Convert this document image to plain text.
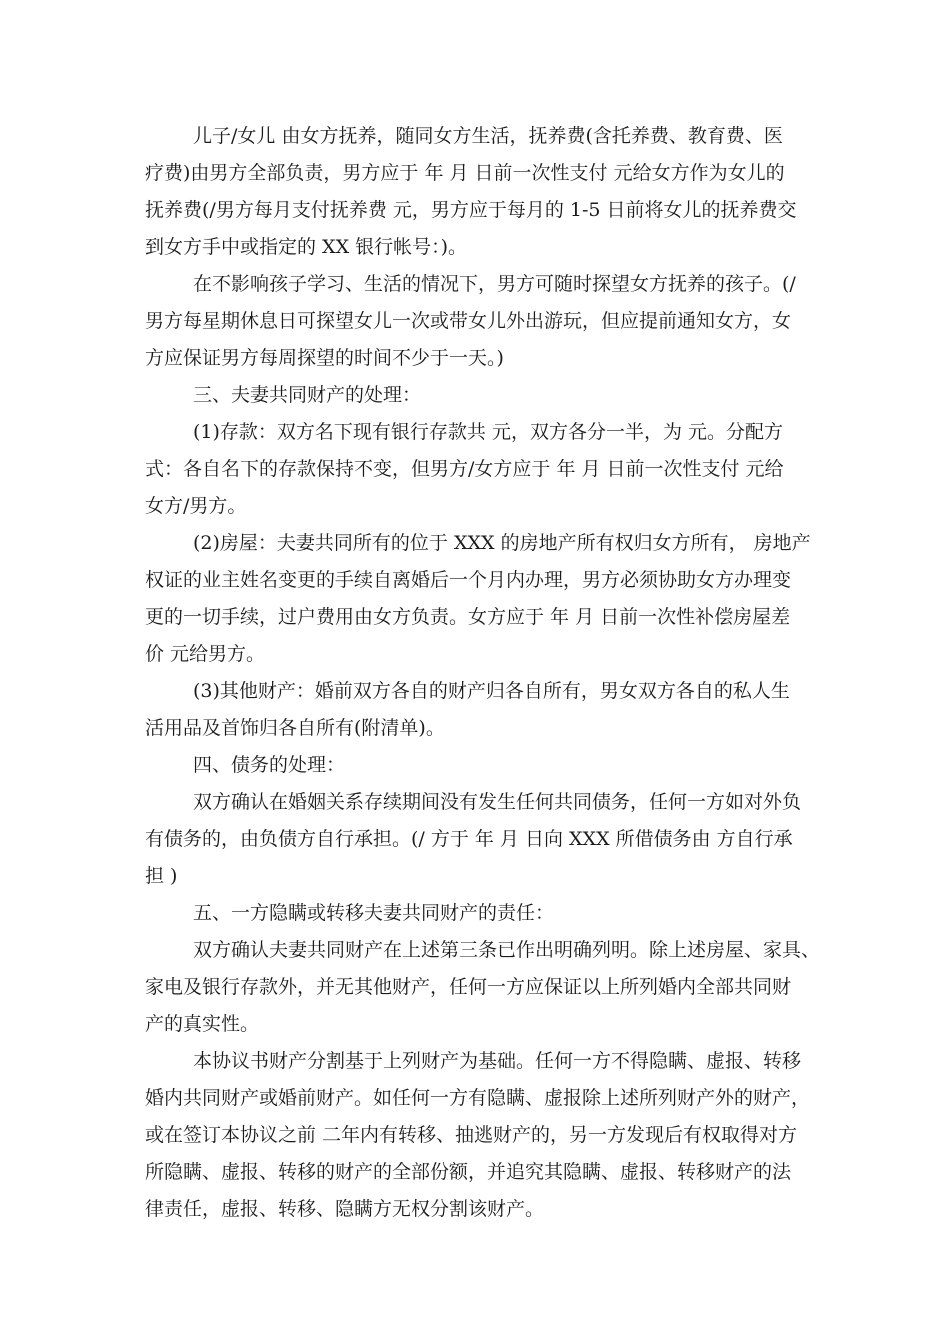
儿子/女儿 由女方抚养，随同女方生活，抚养费(含托养费、教育费、医

疗费)由男方全部负责，男方应于 年 月 日前一次性支付 元给女方作为女儿的

抚养费(/男方每月支付抚养费 元，男方应于每月的 1-5 日前将女儿的抚养费交

到女方手中或指定的 XX 银行帐号：)。

在不影响孩子学习、生活的情况下，男方可随时探望女方抚养的孩子。(/

男方每星期休息日可探望女儿一次或带女儿外出游玩，但应提前通知女方，女

方应保证男方每周探望的时间不少于一天。)

三、夫妻共同财产的处理：

(1)存款：双方名下现有银行存款共 元，双方各分一半，为 元。分配方

式：各自名下的存款保持不变，但男方/女方应于 年 月 日前一次性支付 元给

女方/男方。

(2)房屋：夫妻共同所有的位于 XXX 的房地产所有权归女方所有， 房地产

权证的业主姓名变更的手续自离婚后一个月内办理，男方必须协助女方办理变

更的一切手续，过户费用由女方负责。女方应于 年 月 日前一次性补偿房屋差

价 元给男方。

(3)其他财产：婚前双方各自的财产归各自所有，男女双方各自的私人生

活用品及首饰归各自所有(附清单)。

四、债务的处理：

双方确认在婚姻关系存续期间没有发生任何共同债务，任何一方如对外负

有债务的，由负债方自行承担。(/ 方于 年 月 日向 XXX 所借债务由 方自行承

担 )

五、一方隐瞒或转移夫妻共同财产的责任：

双方确认夫妻共同财产在上述第三条已作出明确列明。除上述房屋、家具、

家电及银行存款外，并无其他财产，任何一方应保证以上所列婚内全部共同财

产的真实性。

本协议书财产分割基于上列财产为基础。任何一方不得隐瞒、虚报、转移

婚内共同财产或婚前财产。如任何一方有隐瞒、虚报除上述所列财产外的财产，

或在签订本协议之前 二年内有转移、抽逃财产的，另一方发现后有权取得对方

所隐瞒、虚报、转移的财产的全部份额，并追究其隐瞒、虚报、转移财产的法

律责任，虚报、转移、隐瞒方无权分割该财产。
